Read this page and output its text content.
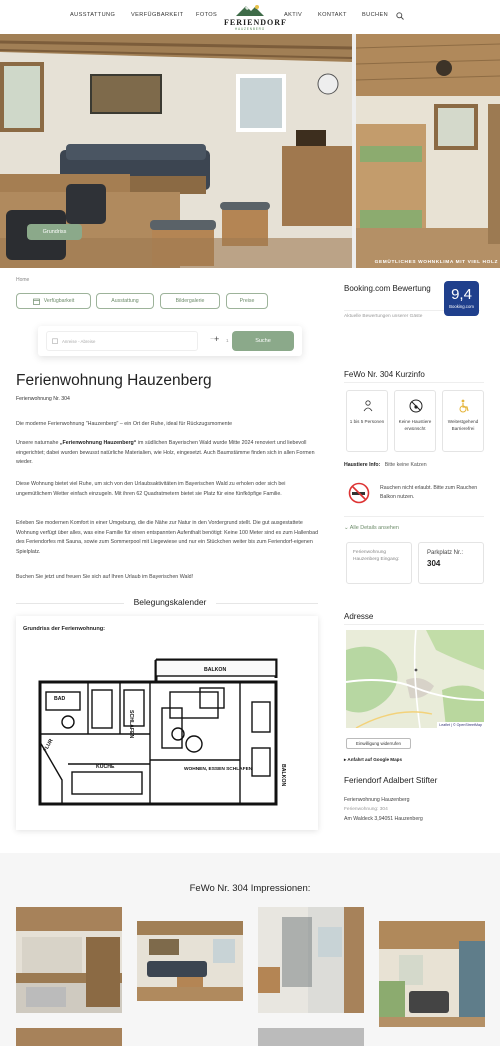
AUSSTATTUNG	VERFÜGBARKEIT FOTOS
FERIENDORF
HAUZENBERG
AKTIV	KONTAKT	BUCHEN
Grundriss
GEMÜTLICHES WOHNKLIMA MIT VIEL HOLZ
Home
Verfügbarkeit	Ausstattung	Bildergalerie	Preise
Anreise - Abreise	−	1
+	Suche
Booking.com Bewertung
Aktuelle Bewertungen unserer Gäste
9,4
Booking.com
Ferienwohnung Hauzenberg
Ferienwohnung Nr. 304
Die moderne Ferienwohnung "Hauzenberg" – ein Ort der Ruhe, ideal für Rückzugsmomente
Unsere naturnahe „Ferienwohnung Hauzenberg“ im südlichen Bayerischen Wald wurde Mitte 2024 renoviert und liebevoll eingerichtet; dabei wurden bewusst natürliche Materialien, wie Holz, eingesetzt. Auch Baumstämme finden sich in allen Formen wieder.
Diese Wohnung bietet viel Ruhe, um sich von den Urlaubsaktivitäten im Bayerischen Wald zu erholen oder sich bei ungemütlichem Wetter einfach einzugeln. Mit ihren 62 Quadratmetern bietet sie Platz für eine fünfköpfige Familie.
Erleben Sie modernen Komfort in einer Umgebung, die die Nähe zur Natur in den Vordergrund stellt. Die gut ausgestattete Wohnung verfügt über alles, was eine Familie für einen entspannten Aufenthalt benötigt: Keine 100 Meter sind es zum Hallenbad des Feriendorfes mit Sauna, sowie zum Sommerpool mit Liegewiese und nur ein Stückchen weiter bis zum Feriendorf-eigenen Spielplatz.
Buchen Sie jetzt und freuen Sie sich auf Ihren Urlaub im Bayerischen Wald!
Belegungskalender
Grundriss der Ferienwohnung:
BALKON
BAD
SCHLAFEN
FLUR
KÜCHE	WOHNEN, ESSEN SCHLAFEN	BALKON
FeWo Nr. 304 Kurzinfo
1 bis 5 Personen	Keine Haustiere erwünscht
Weitestgehend Barrierefrei
Haustiere Info: Bitte keine Katzen
Rauchen nicht erlaubt. Bitte zum Rauchen Balkon nutzen.
⌄ Alle Details ansehen
Ferienwohnung Hauzenberg Eingang:
Parkplatz Nr.:
304
Adresse
Leaflet | © OpenStreetMap
Einwilligung widerrufen
▸ Anfahrt auf Google Maps
Feriendorf Adalbert Stifter
Ferienwohnung Hauzenberg
Ferienwohnung: 304
Am Waldeck 3,94051 Hauzenberg
FeWo Nr. 304 Impressionen:
